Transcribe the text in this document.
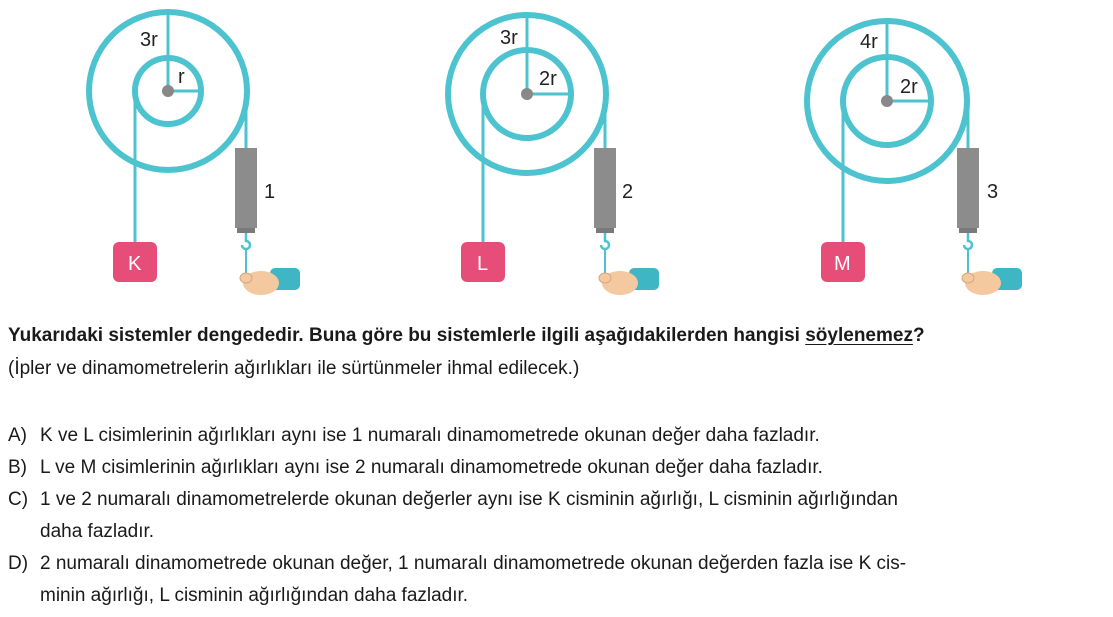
3r
r
1
K
3r
2r
2
L
4r
2r
3
M
Yukarıdaki sistemler dengededir. Buna göre bu sistemlerle ilgili aşağıdakilerden hangisi söylenemez?
(İpler ve dinamometrelerin ağırlıkları ile sürtünmeler ihmal edilecek.)
A) K ve L cisimlerinin ağırlıkları aynı ise 1 numaralı dinamometrede okunan değer daha fazladır.
B) L ve M cisimlerinin ağırlıkları aynı ise 2 numaralı dinamometrede okunan değer daha fazladır.
C) 1 ve 2 numaralı dinamometrelerde okunan değerler aynı ise K cisminin ağırlığı, L cisminin ağırlığından
daha fazladır.
D) 2 numaralı dinamometrede okunan değer, 1 numaralı dinamometrede okunan değerden fazla ise K cis-
minin ağırlığı, L cisminin ağırlığından daha fazladır.
